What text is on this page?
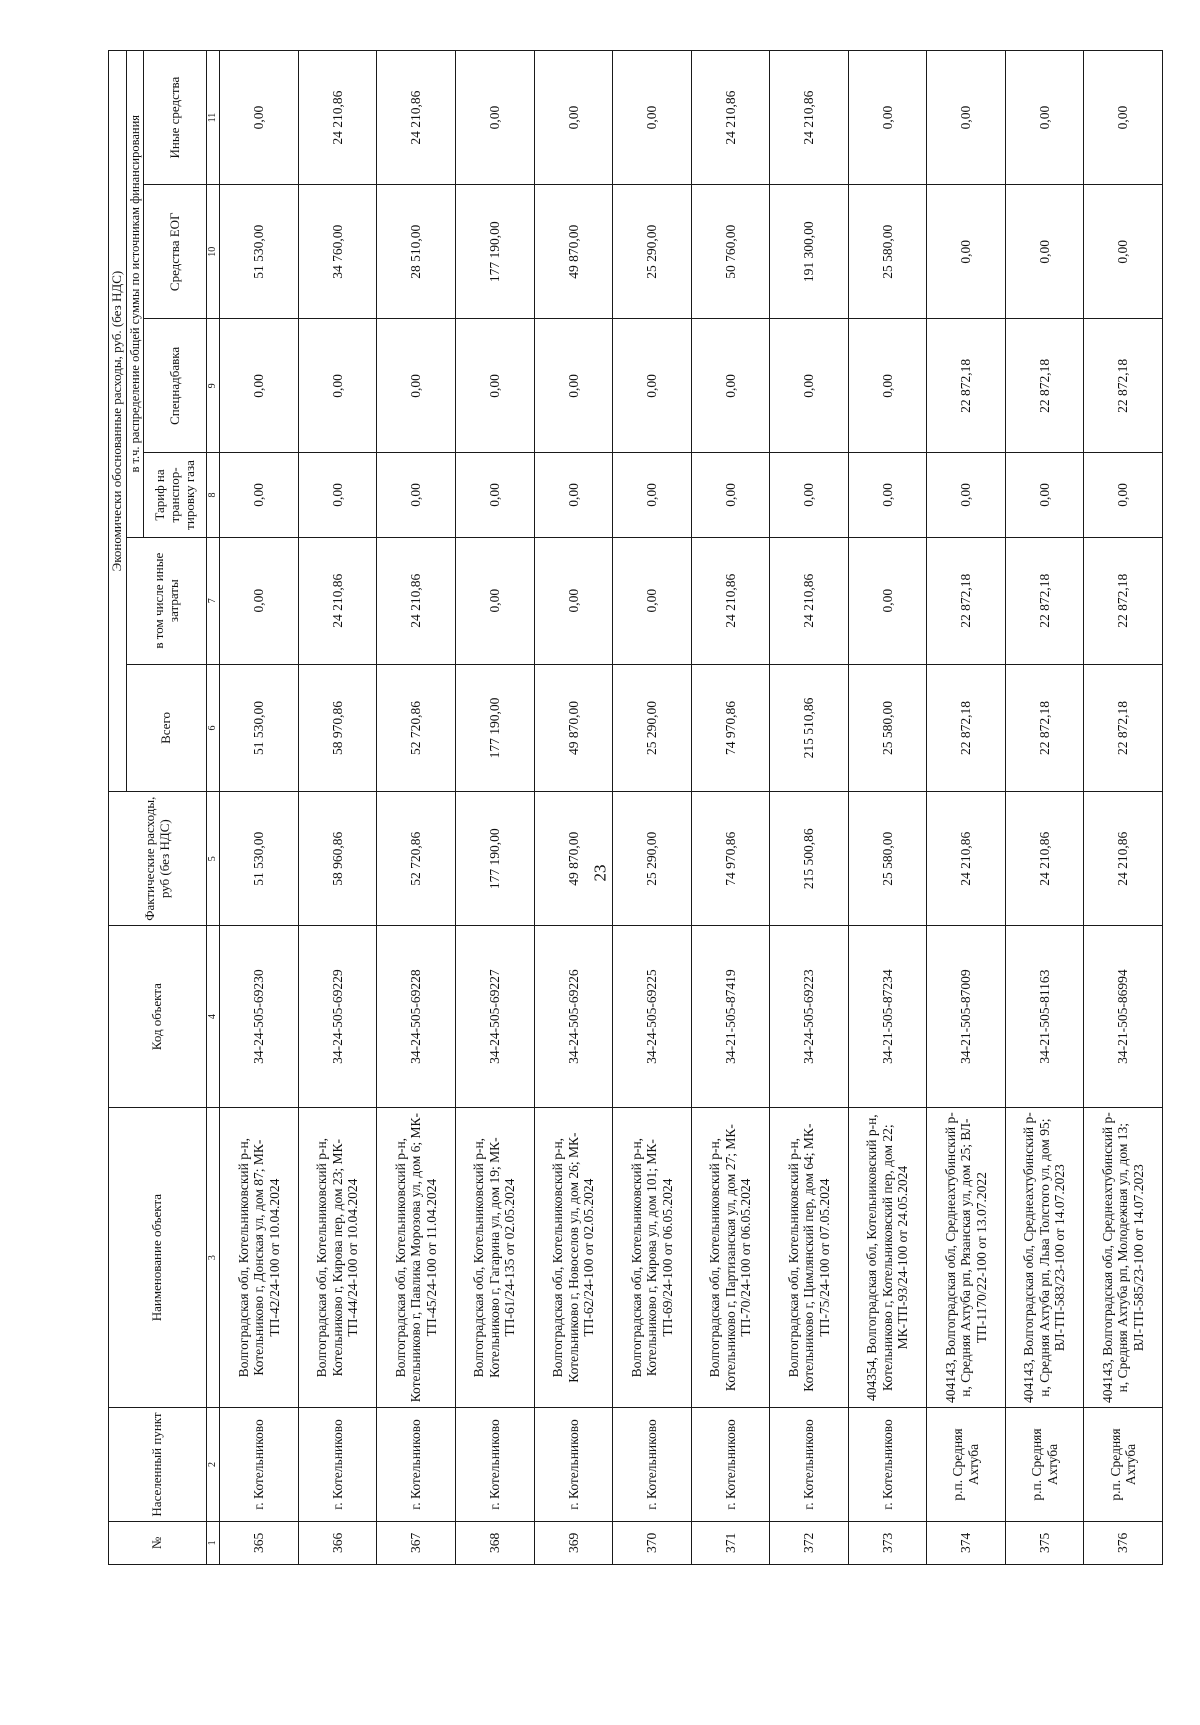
23
№	Населенный пункт	Наименование объекта	Код объекта	Фактические расходы, руб (без НДС)	Экономически обоснованные расходы, руб. (без НДС)					
					Всего	в том числе иные затраты	в т.ч. распределение общей суммы по источникам финансирования			
							Тариф на транспор-тировку газа	Спецнадбавка	Средства ЕОГ	Иные средства
1	2	3	4	5	6	7	8	9	10	11
365	г. Котельниково	Волгоградская обл, Котельниковский р-н, Котельниково г, Донская ул, дом 87; МК-ТП-42/24-100 от 10.04.2024	34-24-505-69230	51 530,00	51 530,00	0,00	0,00	0,00	51 530,00	0,00
366	г. Котельниково	Волгоградская обл, Котельниковский р-н, Котельниково г, Кирова пер, дом 23; МК-ТП-44/24-100 от 10.04.2024	34-24-505-69229	58 960,86	58 970,86	24 210,86	0,00	0,00	34 760,00	24 210,86
367	г. Котельниково	Волгоградская обл, Котельниковский р-н, Котельниково г, Павлика Морозова ул, дом 6; МК-ТП-45/24-100 от 11.04.2024	34-24-505-69228	52 720,86	52 720,86	24 210,86	0,00	0,00	28 510,00	24 210,86
368	г. Котельниково	Волгоградская обл, Котельниковский р-н, Котельниково г, Гагарина ул, дом 19; МК-ТП-61/24-135 от 02.05.2024	34-24-505-69227	177 190,00	177 190,00	0,00	0,00	0,00	177 190,00	0,00
369	г. Котельниково	Волгоградская обл, Котельниковский р-н, Котельниково г, Новоселов ул, дом 26; МК-ТП-62/24-100 от 02.05.2024	34-24-505-69226	49 870,00	49 870,00	0,00	0,00	0,00	49 870,00	0,00
370	г. Котельниково	Волгоградская обл, Котельниковский р-н, Котельниково г, Кирова ул, дом 101; МК-ТП-69/24-100 от 06.05.2024	34-24-505-69225	25 290,00	25 290,00	0,00	0,00	0,00	25 290,00	0,00
371	г. Котельниково	Волгоградская обл, Котельниковский р-н, Котельниково г, Партизанская ул, дом 27; МК-ТП-70/24-100 от 06.05.2024	34-21-505-87419	74 970,86	74 970,86	24 210,86	0,00	0,00	50 760,00	24 210,86
372	г. Котельниково	Волгоградская обл, Котельниковский р-н, Котельниково г, Цимлянский пер, дом 64; МК-ТП-75/24-100 от 07.05.2024	34-24-505-69223	215 500,86	215 510,86	24 210,86	0,00	0,00	191 300,00	24 210,86
373	г. Котельниково	404354, Волгоградская обл, Котельниковский р-н, Котельниково г, Котельниковский пер, дом 22; МК-ТП-93/24-100 от 24.05.2024	34-21-505-87234	25 580,00	25 580,00	0,00	0,00	0,00	25 580,00	0,00
374	р.п. Средняя Ахтуба	404143, Волгоградская обл, Среднеахтубинский р-н, Средняя Ахтуба рп, Рязанская ул, дом 25; ВЛ-ТП-1170/22-100 от 13.07.2022	34-21-505-87009	24 210,86	22 872,18	22 872,18	0,00	22 872,18	0,00	0,00
375	р.п. Средняя Ахтуба	404143, Волгоградская обл, Среднеахтубинский р-н, Средняя Ахтуба рп, Льва Толстого ул, дом 95; ВЛ-ТП-583/23-100 от 14.07.2023	34-21-505-81163	24 210,86	22 872,18	22 872,18	0,00	22 872,18	0,00	0,00
376	р.п. Средняя Ахтуба	404143, Волгоградская обл, Среднеахтубинский р-н, Средняя Ахтуба рп, Молодежная ул, дом 13; ВЛ-ТП-585/23-100 от 14.07.2023	34-21-505-86994	24 210,86	22 872,18	22 872,18	0,00	22 872,18	0,00	0,00
